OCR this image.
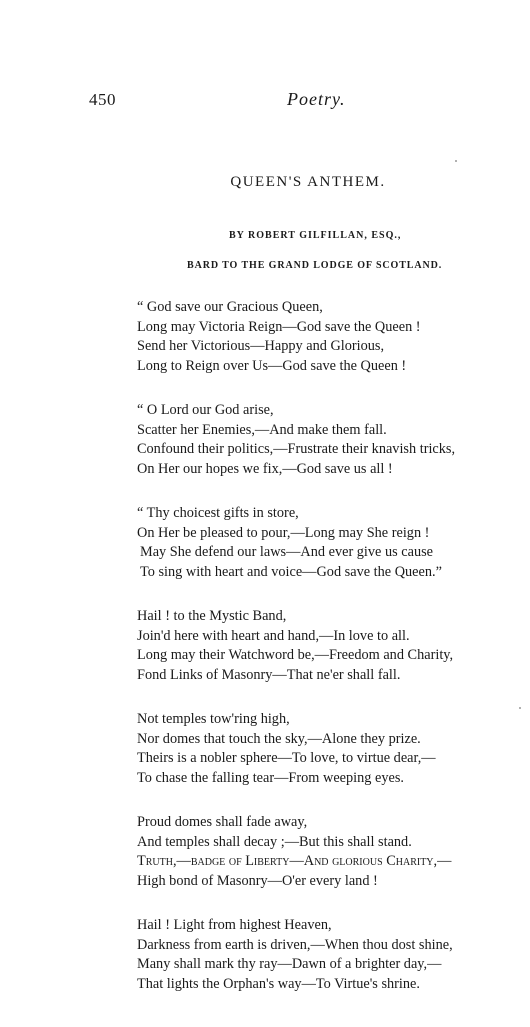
450	Poetry.
QUEEN'S ANTHEM.
BY ROBERT GILFILLAN, ESQ.,
BARD TO THE GRAND LODGE OF SCOTLAND.
“ God save our Gracious Queen,
Long may Victoria Reign—God save the Queen !
Send her Victorious—Happy and Glorious,
Long to Reign over Us—God save the Queen !
“ O Lord our God arise,
Scatter her Enemies,—And make them fall.
Confound their politics,—Frustrate their knavish tricks,
On Her our hopes we fix,—God save us all !
“ Thy choicest gifts in store,
On Her be pleased to pour,—Long may She reign !
May She defend our laws—And ever give us cause
To sing with heart and voice—God save the Queen.”
Hail ! to the Mystic Band,
Join'd here with heart and hand,—In love to all.
Long may their Watchword be,—Freedom and Charity,
Fond Links of Masonry—That ne'er shall fall.
Not temples tow'ring high,
Nor domes that touch the sky,—Alone they prize.
Theirs is a nobler sphere—To love, to virtue dear,—
To chase the falling tear—From weeping eyes.
Proud domes shall fade away,
And temples shall decay ;—But this shall stand.
Truth,—badge of Liberty—And glorious Charity,—
High bond of Masonry—O'er every land !
Hail ! Light from highest Heaven,
Darkness from earth is driven,—When thou dost shine,
Many shall mark thy ray—Dawn of a brighter day,—
That lights the Orphan's way—To Virtue's shrine.
